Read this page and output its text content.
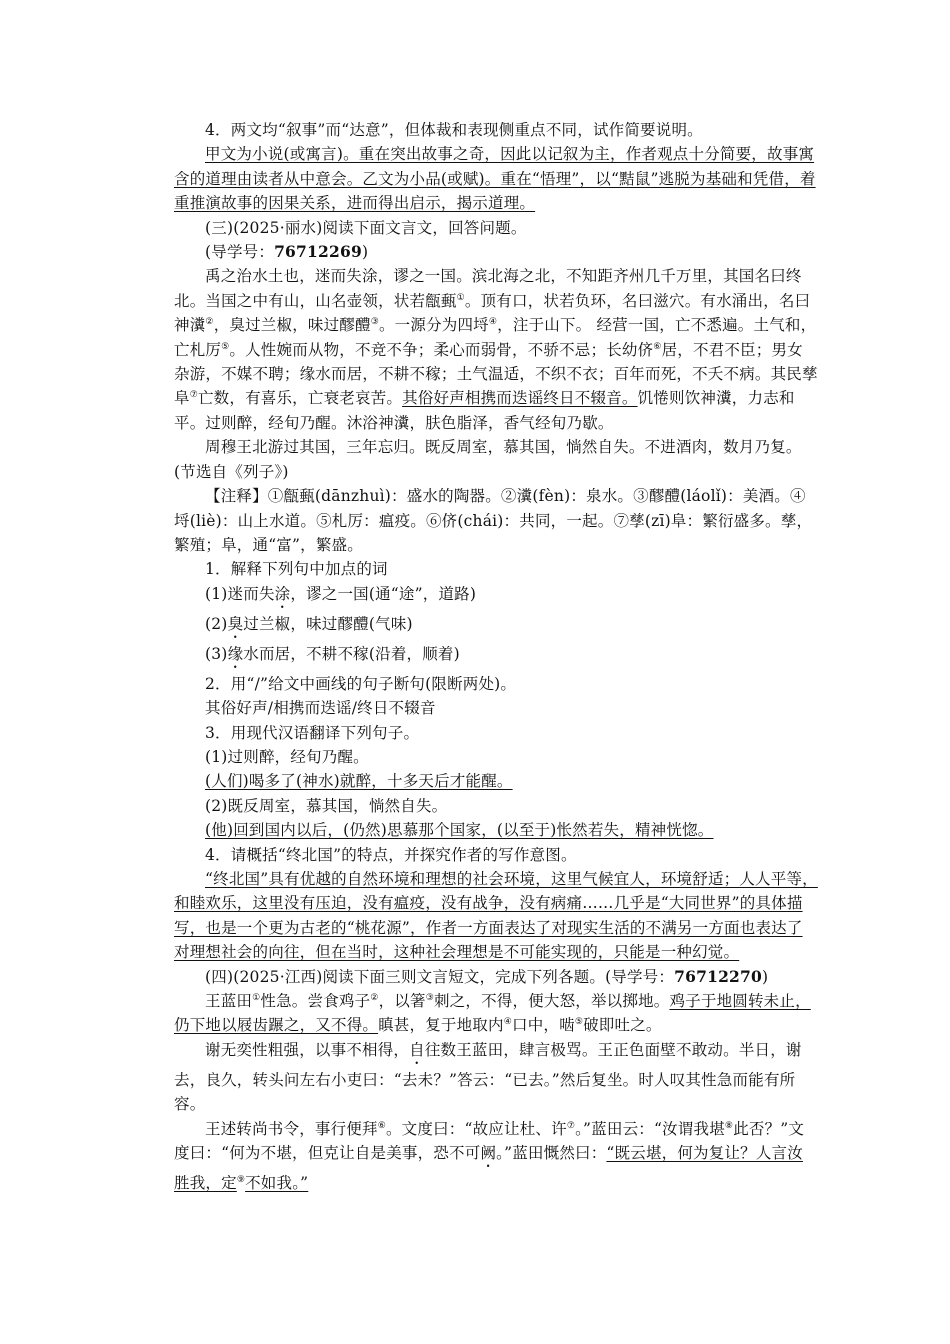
4．两文均“叙事”而“达意”，但体裁和表现侧重点不同，试作简要说明。

甲文为小说(或寓言)。重在突出故事之奇，因此以记叙为主，作者观点十分简要，故事寓含的道理由读者从中意会。乙文为小品(或赋)。重在“悟理”，以“黠鼠”逃脱为基础和凭借，着重推演故事的因果关系，进而得出启示，揭示道理。

(三)(2025·丽水)阅读下面文言文，回答问题。

(导学号：76712269)

禹之治水土也，迷而失涂，谬之一国。滨北海之北，不知距齐州几千万里，其国名曰终北。当国之中有山，山名壶领，状若甔甀①。顶有口，状若负环，名曰滋穴。有水涌出，名曰神瀵②，臭过兰椒，味过醪醴③。一源分为四埒④，注于山下。 经营一国，亡不悉遍。土气和，亡札厉⑤。人性婉而从物，不竞不争；柔心而弱骨，不骄不忌；长幼侪⑥居，不君不臣；男女杂游，不媒不聘；缘水而居，不耕不稼；土气温适，不织不衣；百年而死，不夭不病。其民孳阜⑦亡数，有喜乐，亡衰老哀苦。其俗好声相携而迭谣终日不辍音。饥惓则饮神瀵，力志和平。过则醉，经旬乃醒。沐浴神瀵，肤色脂泽，香气经旬乃歇。

周穆王北游过其国，三年忘归。既反周室，慕其国，惝然自失。不进酒肉，数月乃复。(节选自《列子》)

【注释】①甔甀(dānzhuì)：盛水的陶器。②瀵(fèn)：泉水。③醪醴(láolǐ)：美酒。④埒(liè)：山上水道。⑤札厉：瘟疫。⑥侪(chái)：共同，一起。⑦孳(zī)阜：繁衍盛多。孳，繁殖；阜，通“富”，繁盛。

1．解释下列句中加点的词

(1)迷而失涂，谬之一国(通“途”，道路)

(2)臭过兰椒，味过醪醴(气味)

(3)缘水而居，不耕不稼(沿着，顺着)

2．用“/”给文中画线的句子断句(限断两处)。

其俗好声/相携而迭谣/终日不辍音

3．用现代汉语翻译下列句子。

(1)过则醉，经旬乃醒。

(人们)喝多了(神水)就醉，十多天后才能醒。

(2)既反周室，慕其国，惝然自失。

(他)回到国内以后，(仍然)思慕那个国家，(以至于)怅然若失，精神恍惚。

4．请概括“终北国”的特点，并探究作者的写作意图。

“终北国”具有优越的自然环境和理想的社会环境，这里气候宜人，环境舒适；人人平等，和睦欢乐，这里没有压迫，没有瘟疫，没有战争，没有病痛……几乎是“大同世界”的具体描写，也是一个更为古老的“桃花源”，作者一方面表达了对现实生活的不满另一方面也表达了对理想社会的向往，但在当时，这种社会理想是不可能实现的，只能是一种幻觉。

(四)(2025·江西)阅读下面三则文言短文，完成下列各题。(导学号：76712270)

王蓝田①性急。尝食鸡子②，以箸③刺之，不得，便大怒，举以掷地。鸡子于地圆转未止，仍下地以屐齿蹍之，又不得。瞋甚，复于地取内④口中，啮⑤破即吐之。

谢无奕性粗强，以事不相得，自往数王蓝田，肆言极骂。王正色面壁不敢动。半日，谢去，良久，转头问左右小吏曰：“去未？”答云：“已去。”然后复坐。时人叹其性急而能有所容。

王述转尚书令，事行便拜⑥。文度曰：“故应让杜、许⑦。”蓝田云：“汝谓我堪⑧此否？”文度曰：“何为不堪，但克让自是美事，恐不可阙。”蓝田慨然曰：“既云堪，何为复让？人言汝胜我，定⑨不如我。”
